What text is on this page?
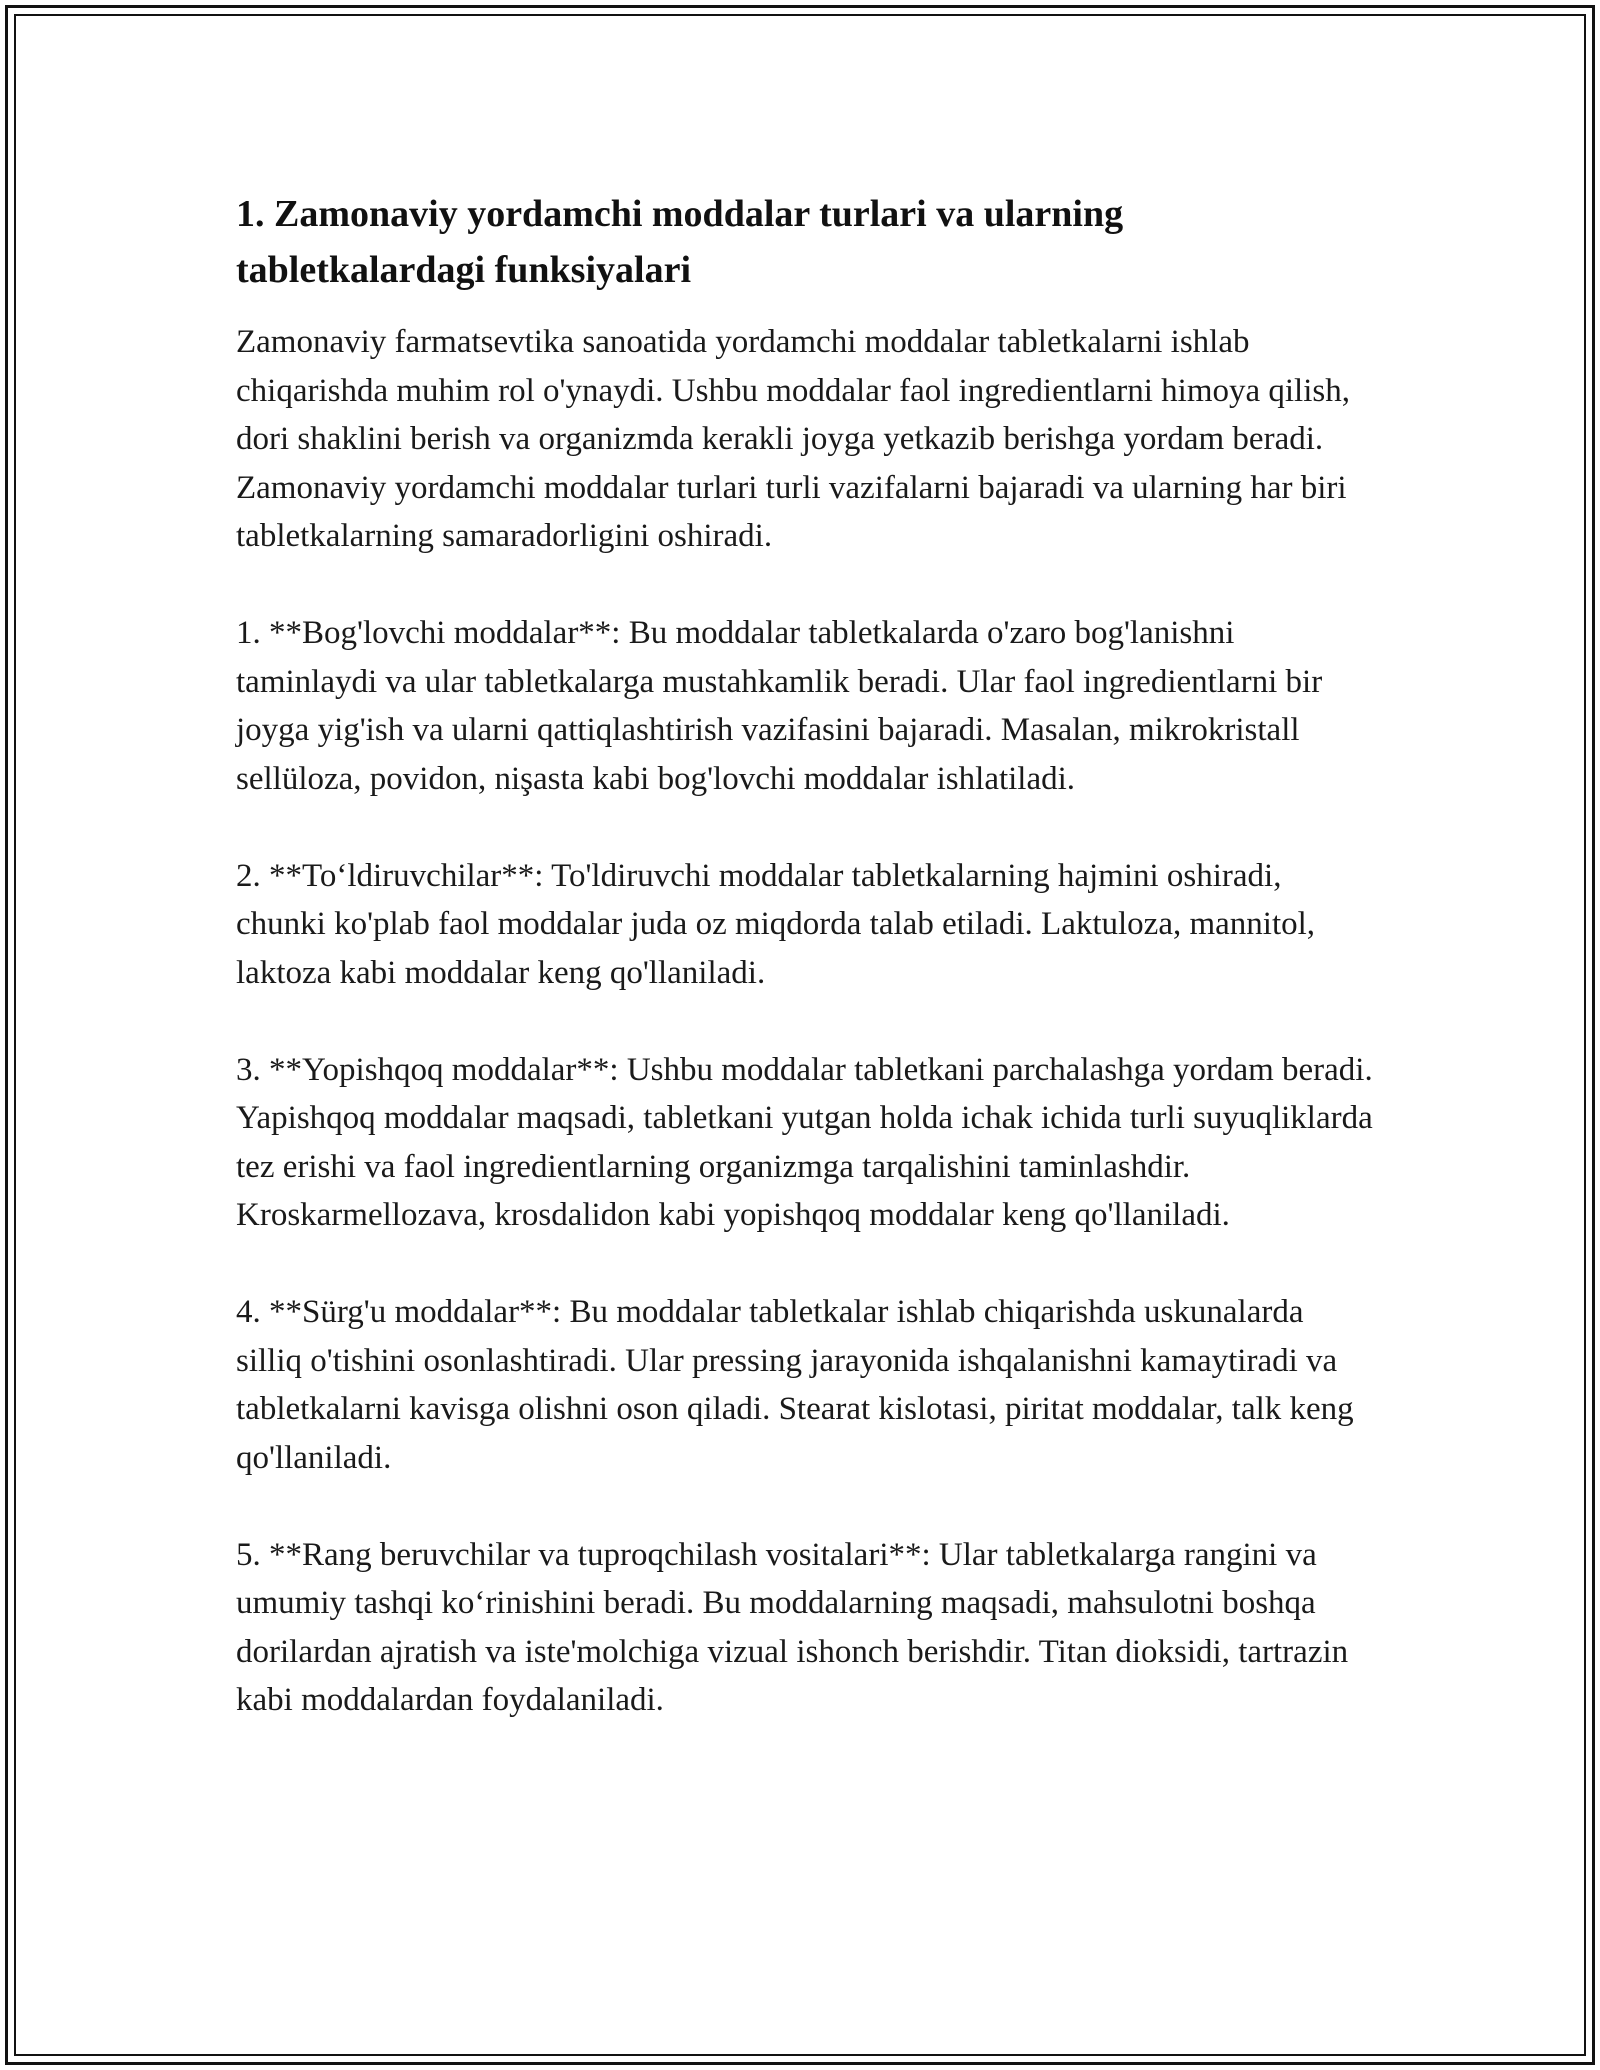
1. Zamonaviy yordamchi moddalar turlari va ularning tabletkalardagi funksiyalari

Zamonaviy farmatsevtika sanoatida yordamchi moddalar tabletkalarni ishlab chiqarishda muhim rol o'ynaydi. Ushbu moddalar faol ingredientlarni himoya qilish, dori shaklini berish va organizmda kerakli joyga yetkazib berishga yordam beradi. Zamonaviy yordamchi moddalar turlari turli vazifalarni bajaradi va ularning har biri tabletkalarning samaradorligini oshiradi.

1. **Bog'lovchi moddalar**: Bu moddalar tabletkalarda o'zaro bog'lanishni taminlaydi va ular tabletkalarga mustahkamlik beradi. Ular faol ingredientlarni bir joyga yig'ish va ularni qattiqlashtirish vazifasini bajaradi. Masalan, mikrokristall sellüloza, povidon, nişasta kabi bog'lovchi moddalar ishlatiladi.

2. **To‘ldiruvchilar**: To'ldiruvchi moddalar tabletkalarning hajmini oshiradi, chunki ko'plab faol moddalar juda oz miqdorda talab etiladi. Laktuloza, mannitol, laktoza kabi moddalar keng qo'llaniladi.

3. **Yopishqoq moddalar**: Ushbu moddalar tabletkani parchalashga yordam beradi. Yapishqoq moddalar maqsadi, tabletkani yutgan holda ichak ichida turli suyuqliklarda tez erishi va faol ingredientlarning organizmga tarqalishini taminlashdir. Kroskarmellozava, krosdalidon kabi yopishqoq moddalar keng qo'llaniladi.

4. **Sürg'u moddalar**: Bu moddalar tabletkalar ishlab chiqarishda uskunalarda silliq o'tishini osonlashtiradi. Ular pressing jarayonida ishqalanishni kamaytiradi va tabletkalarni kavisga olishni oson qiladi. Stearat kislotasi, piritat moddalar, talk keng qo'llaniladi.

5. **Rang beruvchilar va tuproqchilash vositalari**: Ular tabletkalarga rangini va umumiy tashqi ko‘rinishini beradi. Bu moddalarning maqsadi, mahsulotni boshqa dorilardan ajratish va iste'molchiga vizual ishonch berishdir. Titan dioksidi, tartrazin kabi moddalardan foydalaniladi.
